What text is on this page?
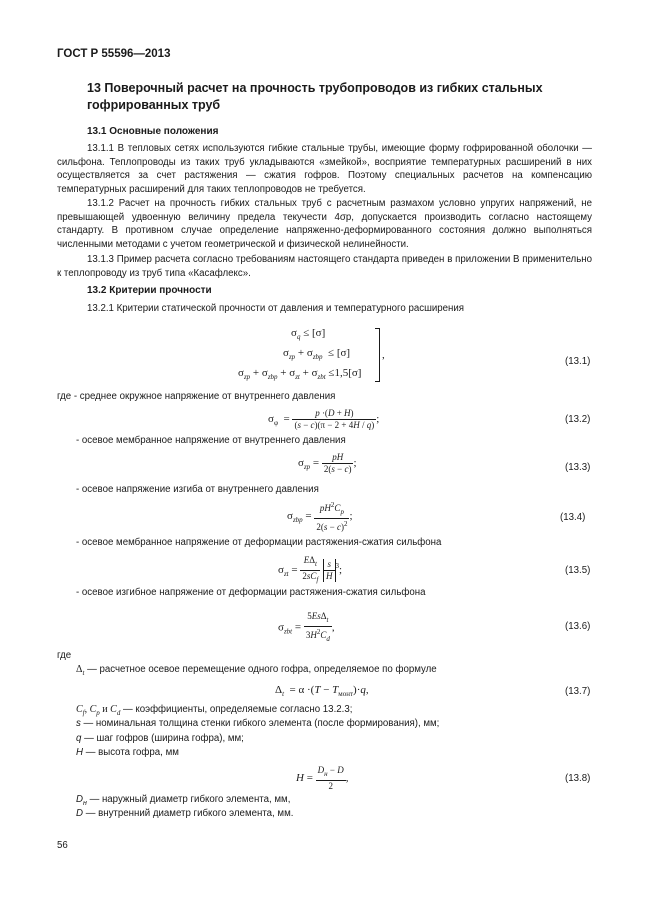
ГОСТ Р 55596—2013
13 Поверочный расчет на прочность трубопроводов из гибких стальных гофрированных труб
13.1 Основные положения
13.1.1 В тепловых сетях используются гибкие стальные трубы, имеющие форму гофрированной оболочки — сильфона. Теплопроводы из таких труб укладываются «змейкой», восприятие температурных расширений в них осуществляется за счет растяжения — сжатия гофров. Поэтому специальных расчетов на компенсацию температурных расширений для таких теплопроводов не требуется.
13.1.2 Расчет на прочность гибких стальных труб с расчетным размахом условно упругих напряжений, не превышающей удвоенную величину предела текучести 4σp, допускается производить согласно настоящему стандарту. В противном случае определение напряженно-деформированного состояния должно выполняться численными методами с учетом геометрической и физической нелинейности.
13.1.3 Пример расчета согласно требованиям настоящего стандарта приведен в приложении В применительно к теплопроводу из труб типа «Касафлекс».
13.2 Критерии прочности
13.2.1 Критерии статической прочности от давления и температурного расширения
$\sigma_q \le [\sigma]$
$\sigma_{zp} + \sigma_{zbp} \le [\sigma]$
$\sigma_{zp} + \sigma_{zbp} + \sigma_{zt} + \sigma_{zbt} \le 1,5[\sigma]$
,
(13.1)
где - среднее окружное напряжение от внутреннего давления
$\sigma_\varphi = \frac{p \cdot(D + H)}{(s - c)(\pi - 2 + 4H / q)}$ ;	(13.2)
- осевое мембранное напряжение от внутреннего давления
$\sigma_{zp} = \frac{pH}{2(s - c)}$ ;	(13.3)
- осевое напряжение изгиба от внутреннего давления
$\sigma_{zbp} = \frac{pH^2C_p}{2(s - c)^2}$ ;	(13.4)
- осевое мембранное напряжение от деформации растяжения-сжатия сильфона
$\sigma_{zt} = \frac{E\Delta_t}{2sC_f}$
$\frac{s}{H} ^3$;	(13.5)
- осевое изгибное напряжение от деформации растяжения-сжатия сильфона
$\sigma_{zbt} = \frac{5Es\Delta_t}{3H^2C_d}$ ,	(13.6)
где
$\Delta_t$ — расчетное осевое перемещение одного гофра, определяемое по формуле
$\Delta_t = \alpha \cdot(T - T_{монт})\cdot q$,	(13.7)
$C_f$, $C_p$ и $C_d$ — коэффициенты, определяемые согласно 13.2.3;
s — номинальная толщина стенки гибкого элемента (после формирования), мм;
q — шаг гофров (ширина гофра), мм;
H — высота гофра, мм
$H = \frac{D_н - D}{2}$ ,	(13.8)
$D_н$ — наружный диаметр гибкого элемента, мм,
D — внутренний диаметр гибкого элемента, мм.
56
